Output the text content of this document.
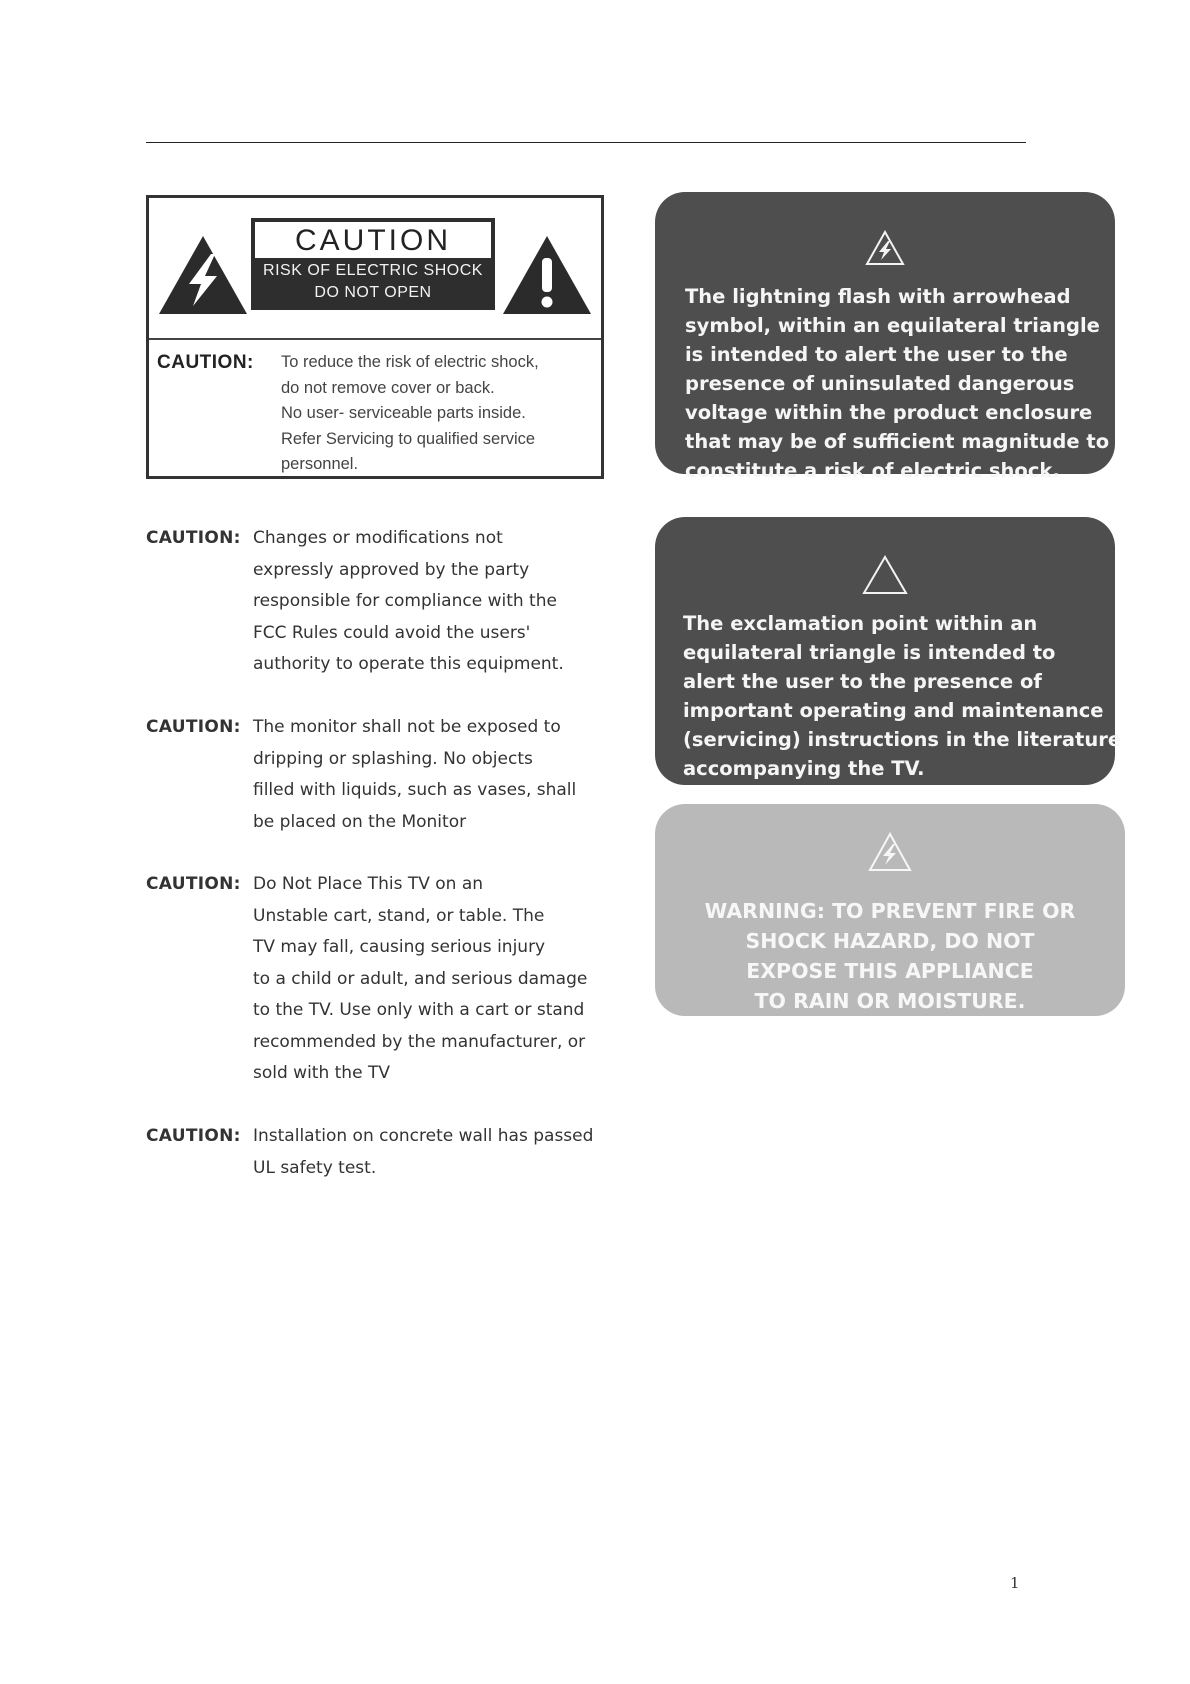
CAUTION
RISK OF ELECTRIC SHOCK
DO NOT OPEN
CAUTION: To reduce the risk of electric shock,
do not remove cover or back.
No user- serviceable parts inside.
Refer Servicing to qualified service
personnel.
The lightning flash with arrowhead
symbol, within an equilateral triangle
is intended to alert the user to the
presence of uninsulated dangerous
voltage within the product enclosure
that may be of sufficient magnitude to
constitute a risk of electric shock.
The exclamation point within an
equilateral triangle is intended to
alert the user to the presence of
important operating and maintenance
(servicing) instructions in the literature
accompanying the TV.
WARNING: TO PREVENT FIRE OR
SHOCK HAZARD, DO NOT
EXPOSE THIS APPLIANCE
TO RAIN OR MOISTURE.
CAUTION: Changes or modifications not
expressly approved by the party
responsible for compliance with the
FCC Rules could avoid the users'
authority to operate this equipment.
CAUTION: The monitor shall not be exposed to
dripping or splashing. No objects
filled with liquids, such as vases, shall
be placed on the Monitor
CAUTION: Do Not Place This TV on an
Unstable cart, stand, or table. The
TV may fall, causing serious injury
to a child or adult, and serious damage
to the TV. Use only with a cart or stand
recommended by the manufacturer, or
sold with the TV
CAUTION: Installation on concrete wall has passed
UL safety test.
1
